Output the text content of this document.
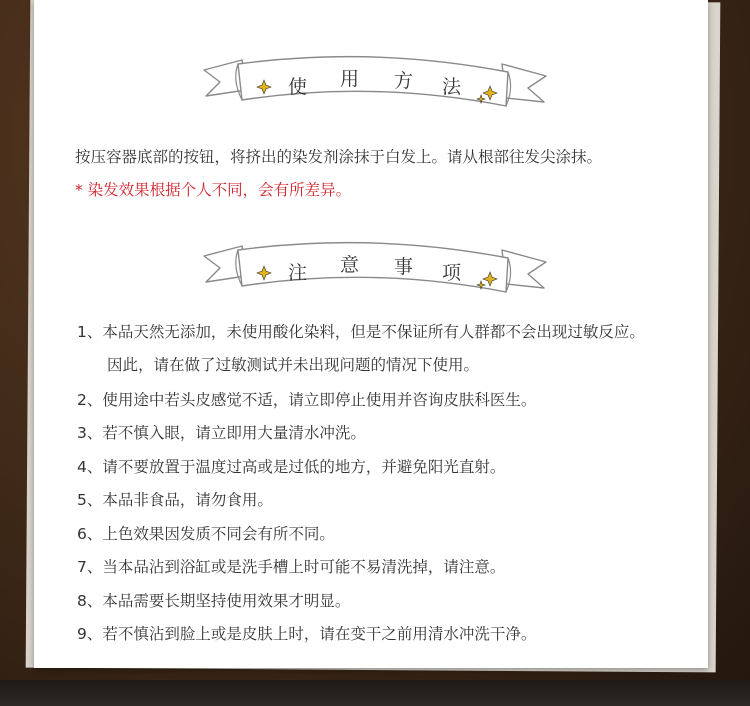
使 用 方 法
按压容器底部的按钮，将挤出的染发剂涂抹于白发上。请从根部往发尖涂抹。
* 染发效果根据个人不同，会有所差异。
注 意 事 项
1、本品天然无添加，未使用酸化染料，但是不保证所有人群都不会出现过敏反应。
因此，请在做了过敏测试并未出现问题的情况下使用。
2、使用途中若头皮感觉不适，请立即停止使用并咨询皮肤科医生。
3、若不慎入眼，请立即用大量清水冲洗。
4、请不要放置于温度过高或是过低的地方，并避免阳光直射。
5、本品非食品，请勿食用。
6、上色效果因发质不同会有所不同。
7、当本品沾到浴缸或是洗手槽上时可能不易清洗掉，请注意。
8、本品需要长期坚持使用效果才明显。
9、若不慎沾到脸上或是皮肤上时，请在变干之前用清水冲洗干净。
